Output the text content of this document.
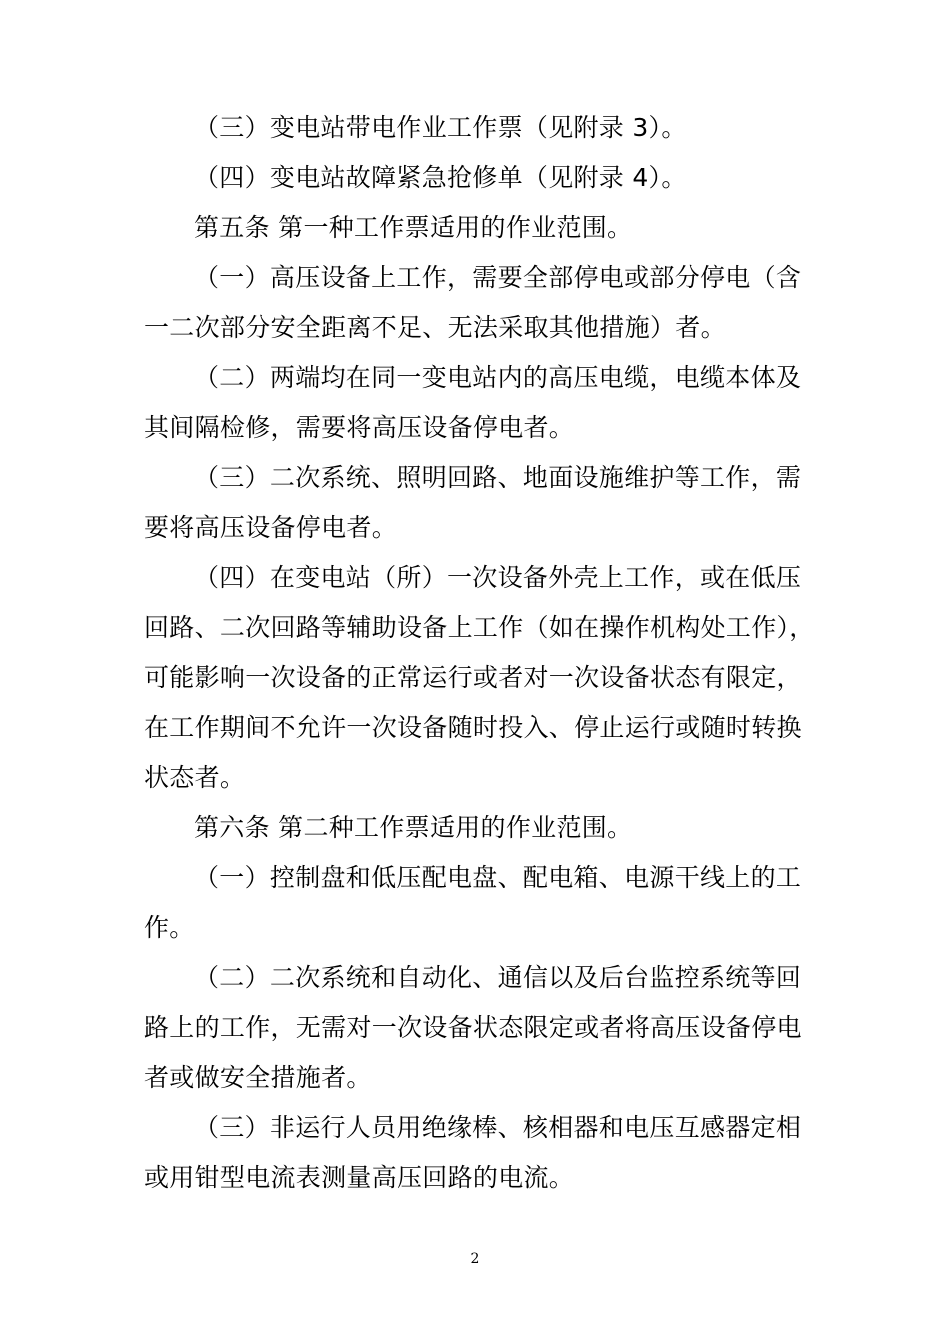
（三）变电站带电作业工作票（见附录 3）。
（四）变电站故障紧急抢修单（见附录 4）。
第五条 第一种工作票适用的作业范围。
（一）高压设备上工作，需要全部停电或部分停电（含
一二次部分安全距离不足、无法采取其他措施）者。
（二）两端均在同一变电站内的高压电缆，电缆本体及
其间隔检修，需要将高压设备停电者。
（三）二次系统、照明回路、地面设施维护等工作，需
要将高压设备停电者。
（四）在变电站（所）一次设备外壳上工作，或在低压
回路、二次回路等辅助设备上工作（如在操作机构处工作），
可能影响一次设备的正常运行或者对一次设备状态有限定，
在工作期间不允许一次设备随时投入、停止运行或随时转换
状态者。
第六条 第二种工作票适用的作业范围。
（一）控制盘和低压配电盘、配电箱、电源干线上的工
作。
（二）二次系统和自动化、通信以及后台监控系统等回
路上的工作，无需对一次设备状态限定或者将高压设备停电
者或做安全措施者。
（三）非运行人员用绝缘棒、核相器和电压互感器定相
或用钳型电流表测量高压回路的电流。
2
